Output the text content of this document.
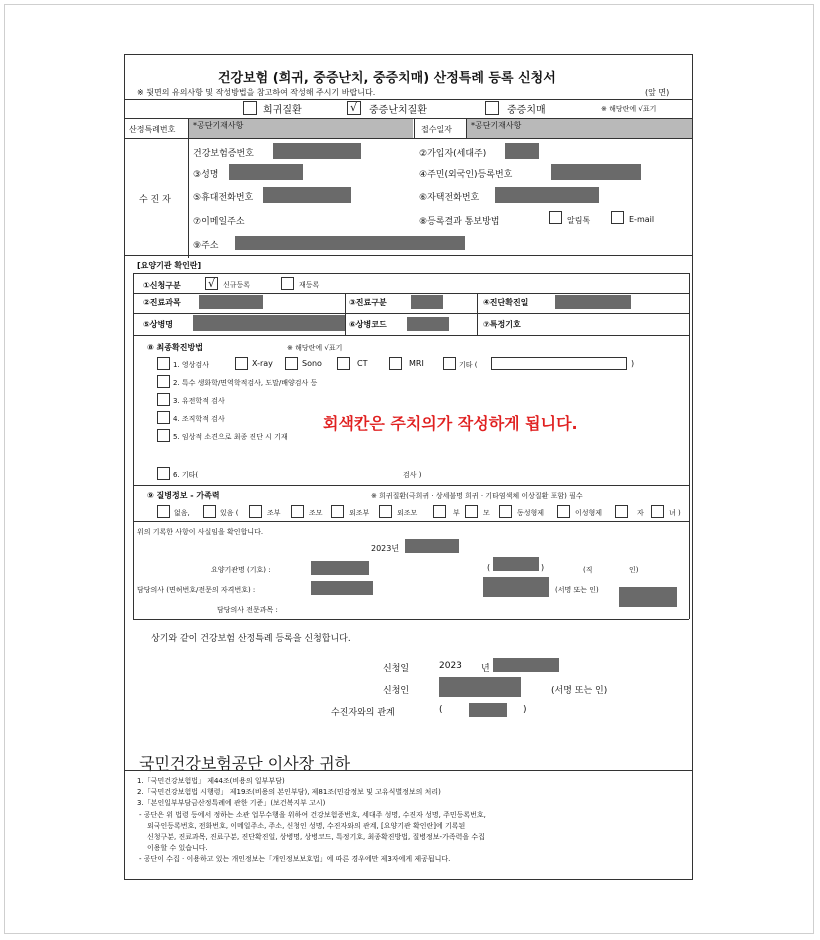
건강보험 (희귀, 중증난치, 중증치매) 산정특례 등록 신청서
※ 뒷면의 유의사항 및 작성방법을 참고하여 작성해 주시기 바랍니다.	(앞 면)
희귀질환	√ 중증난치질환	중증치매	※ 해당란에 √표기
산정특례번호 *공단기재사항	접수일자 *공단기재사항
수 진 자
건강보험증번호	②가입자(세대주)
③성명	④주민(외국인)등록번호
⑤휴대전화번호	⑥자택전화번호
⑦이메일주소	⑧등록결과 통보방법	알림톡	E-mail
⑨주소
[요양기관 확인란]
①신청구분 √ 신규등록	재등록
②진료과목	③진료구분	④진단확진일
⑤상병명	⑥상병코드	⑦특정기호
⑧ 최종확진방법	※ 해당란에 √표기
1. 영상검사	X-ray	Sono	CT	MRI	기타 (	)
2. 특수 생화학/면역학적검사, 도말/배양검사 등
3. 유전학적 검사
4. 조직학적 검사
5. 임상적 소견으로 최종 진단 시 기재
회색칸은 주치의가 작성하게 됩니다.
6. 기타(	검사 )
⑨ 질병정보 - 가족력	※ 희귀질환(극희귀 · 상세불명 희귀 · 기타염색체 이상질환 포함) 필수
없음,	있음 (	조부	조모	외조부	외조모	부	모	동성형제	이성형제	자	녀 )
위의 기록한 사항이 사실임을 확인합니다.
2023년
요양기관명 (기호) :	(	)	(직	인)
담당의사 (면허번호/전문의 자격번호) :	(서명 또는 인)
담당의사 전문과목 :
상기와 같이 건강보험 산정특례 등록을 신청합니다.
신청일	2023 년
신청인	(서명 또는 인)
수진자와의 관계	(	)
국민건강보험공단 이사장 귀하
1.「국민건강보험법」 제44조(비용의 일부부담)
2.「국민건강보험법 시행령」 제19조(비용의 본인부담), 제81조(민감정보 및 고유식별정보의 처리)
3.「본인일부부담금산정특례에 관한 기준」(보건복지부 고시)
- 공단은 위 법령 등에서 정하는 소관 업무수행을 위하여 건강보험증번호, 세대주 성명, 수진자 성명, 주민등록번호,
외국인등록번호, 전화번호, 이메일주소, 주소, 신청인 성명, 수진자와의 관계, [요양기관 확인란]에 기록된
신청구분, 진료과목, 진료구분, 진단확진일, 상병명, 상병코드, 특정기호, 최종확진방법, 질병정보-가족력을 수집
이용할 수 있습니다.
- 공단이 수집 · 이용하고 있는 개인정보는「개인정보보호법」에 따른 경우에만 제3자에게 제공됩니다.
